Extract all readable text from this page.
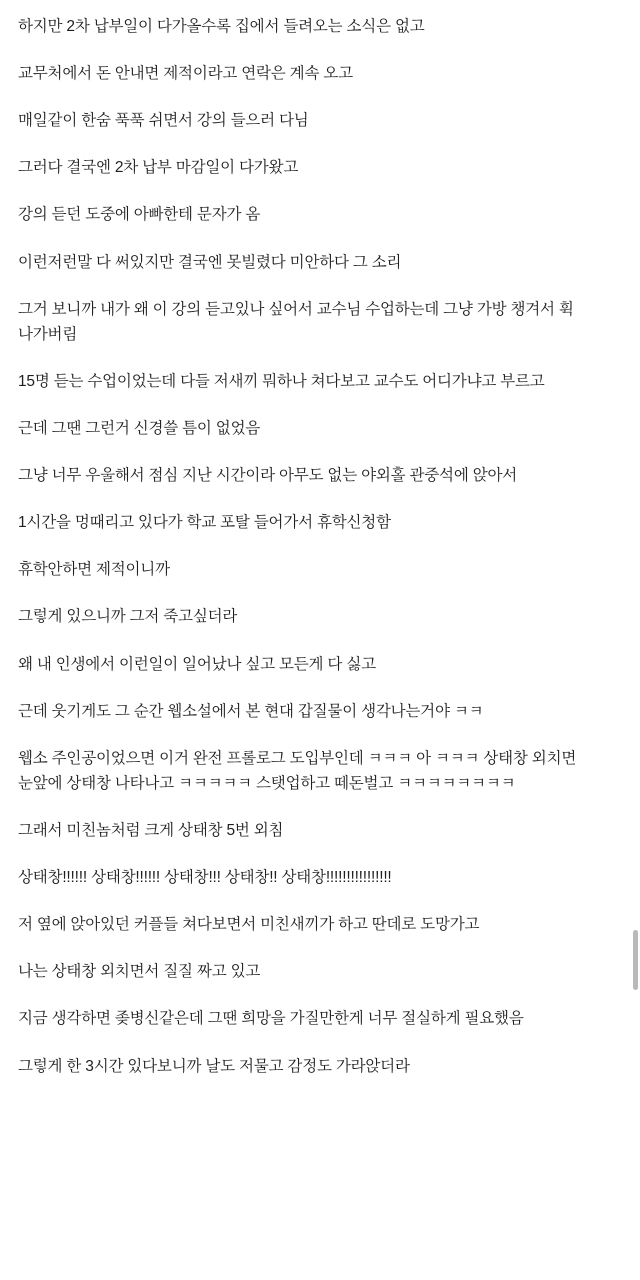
하지만 2차 납부일이 다가올수록 집에서 들려오는 소식은 없고

교무처에서 돈 안내면 제적이라고 연락은 계속 오고

매일같이 한숨 푹푹 쉬면서 강의 들으러 다님

그러다 결국엔 2차 납부 마감일이 다가왔고

강의 듣던 도중에 아빠한테 문자가 옴

이런저런말 다 써있지만 결국엔 못빌렸다 미안하다 그 소리

그거 보니까 내가 왜 이 강의 듣고있나 싶어서 교수님 수업하는데 그냥 가방 챙겨서 휙 나가버림

15명 듣는 수업이었는데 다들 저새끼 뭐하나 쳐다보고 교수도 어디가냐고 부르고

근데 그땐 그런거 신경쓸 틈이 없었음

그냥 너무 우울해서 점심 지난 시간이라 아무도 없는 야외홀 관중석에 앉아서

1시간을 멍때리고 있다가 학교 포탈 들어가서 휴학신청함

휴학안하면 제적이니까

그렇게 있으니까 그저 죽고싶더라

왜 내 인생에서 이런일이 일어났나 싶고 모든게 다 싫고

근데 웃기게도 그 순간 웹소설에서 본 현대 갑질물이 생각나는거야 ㅋㅋ

웹소 주인공이었으면 이거 완전 프롤로그 도입부인데 ㅋㅋㅋ 아 ㅋㅋㅋ 상태창 외치면 눈앞에 상태창 나타나고 ㅋㅋㅋㅋㅋ 스탯업하고 떼돈벌고 ㅋㅋㅋㅋㅋㅋㅋㅋ

그래서 미친놈처럼 크게 상태창 5번 외침

상태창!!!!!! 상태창!!!!!! 상태창!!! 상태창!! 상태창!!!!!!!!!!!!!!!!

저 옆에 앉아있던 커플들 쳐다보면서 미친새끼가 하고 딴데로 도망가고

나는 상태창 외치면서 질질 짜고 있고

지금 생각하면 좆병신같은데 그땐 희망을 가질만한게 너무 절실하게 필요했음

그렇게 한 3시간 있다보니까 날도 저물고 감정도 가라앉더라
